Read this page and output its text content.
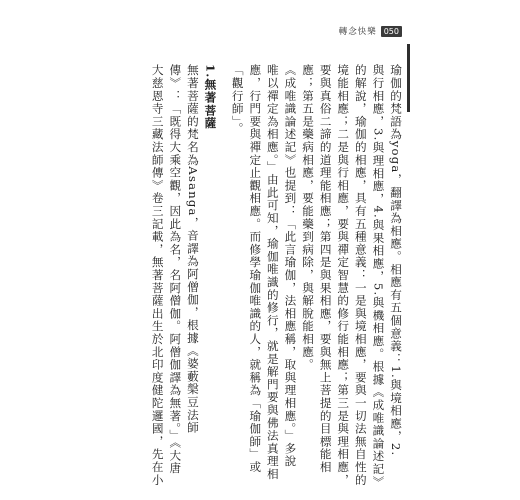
轉念快樂 050
瑜伽的梵語為yoga，翻譯為相應。相應有五個意義：1.與境相應，2.
與行相應，3.與理相應，4.與果相應，5.與機相應。根據《成唯識論述記》
的解說，瑜伽的相應，具有五種意義：一是與境相應，要與一切法無自性的
境能相應；二是與行相應，要與禪定智慧的修行能相應；第三是與理相應，
要與真俗二諦的道理能相應；第四是與果相應，要與無上菩提的目標能相
應；第五是藥病相應，要能藥到病除，與解脫能相應。
《成唯識論述記》也提到：「此言瑜伽，法相應稱，取與理相應。」多說
唯以禪定為相應。」由此可知，瑜伽唯識的修行，就是解門要與佛法真理相
應，行門要與禪定止觀相應。而修學瑜伽唯識的人，就稱為「瑜伽師」或
「觀行師」。
1.無著菩薩
無著菩薩的梵名為Asanga，音譯為阿僧伽，根據《婆藪槃豆法師
傳》：「既得大乘空觀，因此為名，名阿僧伽。阿僧伽譯為無著。」《大唐
大慈恩寺三藏法師傳》卷三記載，無著菩薩出生於北印度健陀邏國，先在小
